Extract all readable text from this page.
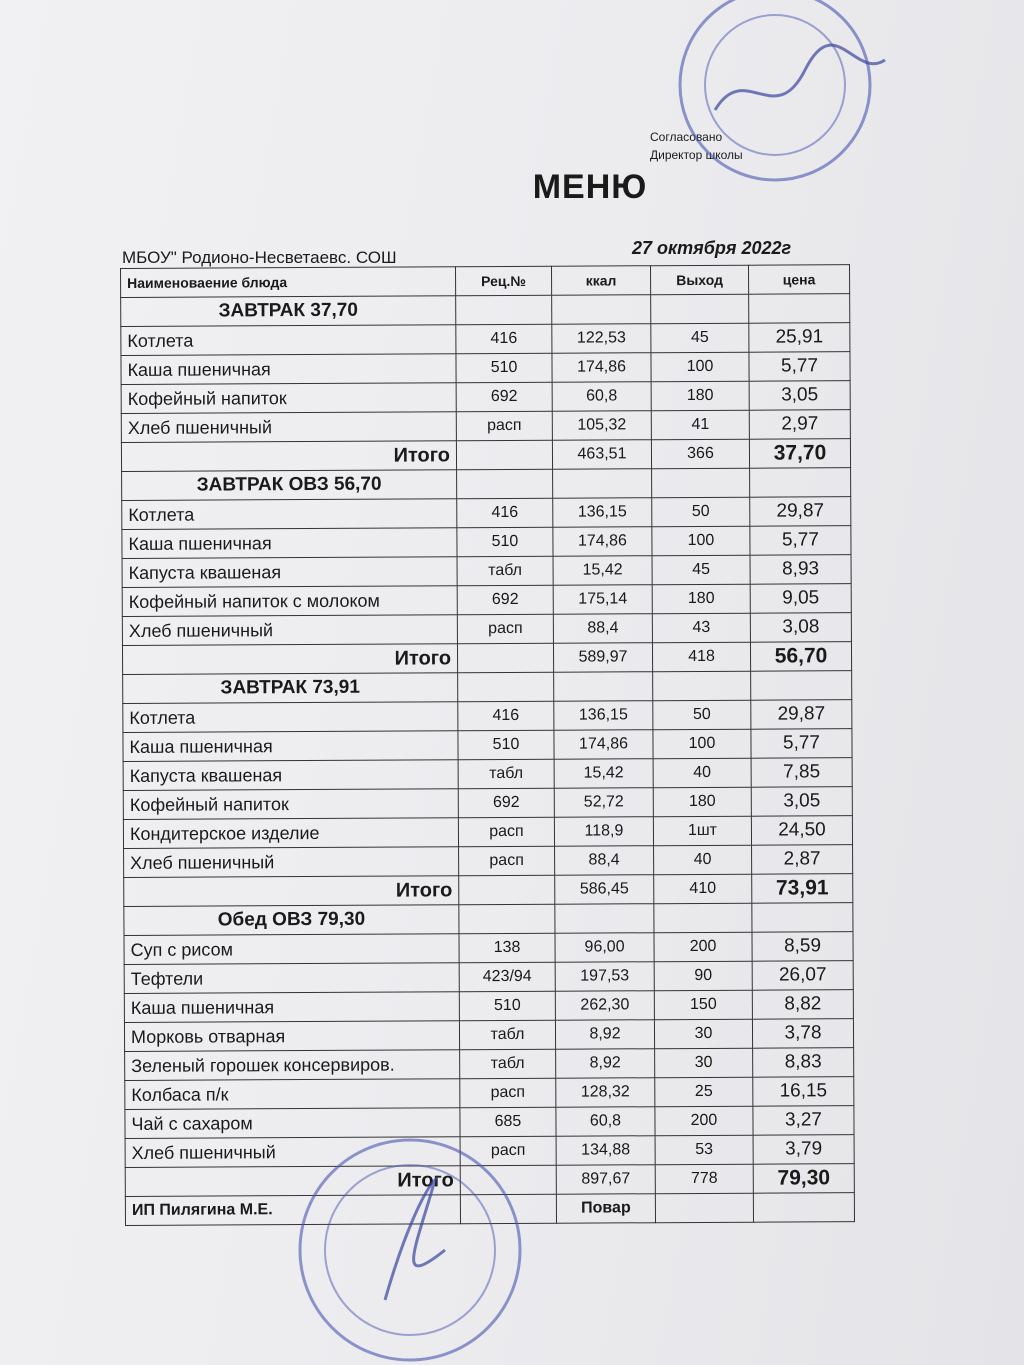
Согласовано
Директор школы
МЕНЮ
МБОУ" Родионо-Несветаевс. СОШ	27 октября 2022г
Наименоваение блюда	Рец.№	ккал	Выход	цена
ЗАВТРАК 37,70				
Котлета	416	122,53	45	25,91
Каша пшеничная	510	174,86	100	5,77
Кофейный напиток	692	60,8	180	3,05
Хлеб пшеничный	расп	105,32	41	2,97
Итого		463,51	366	37,70
ЗАВТРАК ОВЗ 56,70				
Котлета	416	136,15	50	29,87
Каша пшеничная	510	174,86	100	5,77
Капуста квашеная	табл	15,42	45	8,93
Кофейный напиток с молоком	692	175,14	180	9,05
Хлеб пшеничный	расп	88,4	43	3,08
Итого		589,97	418	56,70
ЗАВТРАК 73,91				
Котлета	416	136,15	50	29,87
Каша пшеничная	510	174,86	100	5,77
Капуста квашеная	табл	15,42	40	7,85
Кофейный напиток	692	52,72	180	3,05
Кондитерское изделие	расп	118,9	1шт	24,50
Хлеб пшеничный	расп	88,4	40	2,87
Итого		586,45	410	73,91
Обед ОВЗ 79,30				
Суп с рисом	138	96,00	200	8,59
Тефтели	423/94	197,53	90	26,07
Каша пшеничная	510	262,30	150	8,82
Морковь отварная	табл	8,92	30	3,78
Зеленый горошек консервиров.	табл	8,92	30	8,83
Колбаса п/к	расп	128,32	25	16,15
Чай с сахаром	685	60,8	200	3,27
Хлеб пшеничный	расп	134,88	53	3,79
Итого		897,67	778	79,30
ИП Пилягина М.Е.		Повар		
